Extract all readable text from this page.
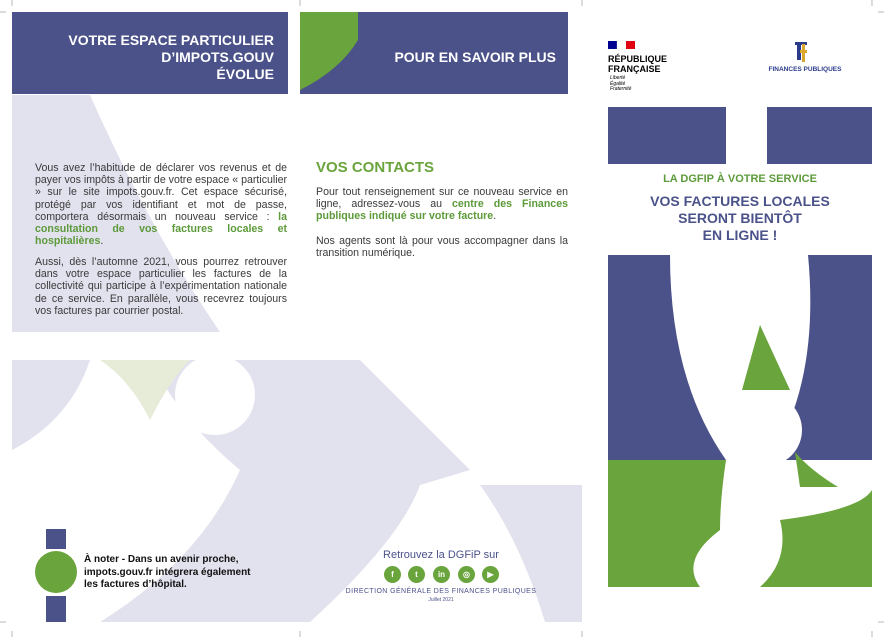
VOTRE ESPACE PARTICULIER
D’IMPOTS.GOUV
ÉVOLUE
Vous avez l’habitude de déclarer vos revenus et de payer vos impôts à partir de votre espace « particulier » sur le site impots.gouv.fr. Cet espace sécurisé, protégé par vos identifiant et mot de passe, comportera désormais un nouveau service : la consultation de vos factures locales et hospitalières.
Aussi, dès l’automne 2021, vous pourrez retrouver dans votre espace particulier les factures de la collectivité qui participe à l’expérimentation nationale de ce service. En parallèle, vous recevrez toujours vos factures par courrier postal.
À noter - Dans un avenir proche,
impots.gouv.fr intégrera également
les factures d’hôpital.
POUR EN SAVOIR PLUS
VOS CONTACTS
Pour tout renseignement sur ce nouveau service en ligne, adressez-vous au centre des Finances publiques indiqué sur votre facture.
Nos agents sont là pour vous accompagner dans la transition numérique.
Retrouvez la DGFiP sur
f	t	in	◎	▶
DIRECTION GÉNÉRALE DES FINANCES PUBLIQUES
Juillet 2021
RÉPUBLIQUE
FRANÇAISE
Liberté
Égalité
Fraternité
FINANCES PUBLIQUES
LA DGFIP À VOTRE SERVICE
VOS FACTURES LOCALES
SERONT BIENTÔT
EN LIGNE !
